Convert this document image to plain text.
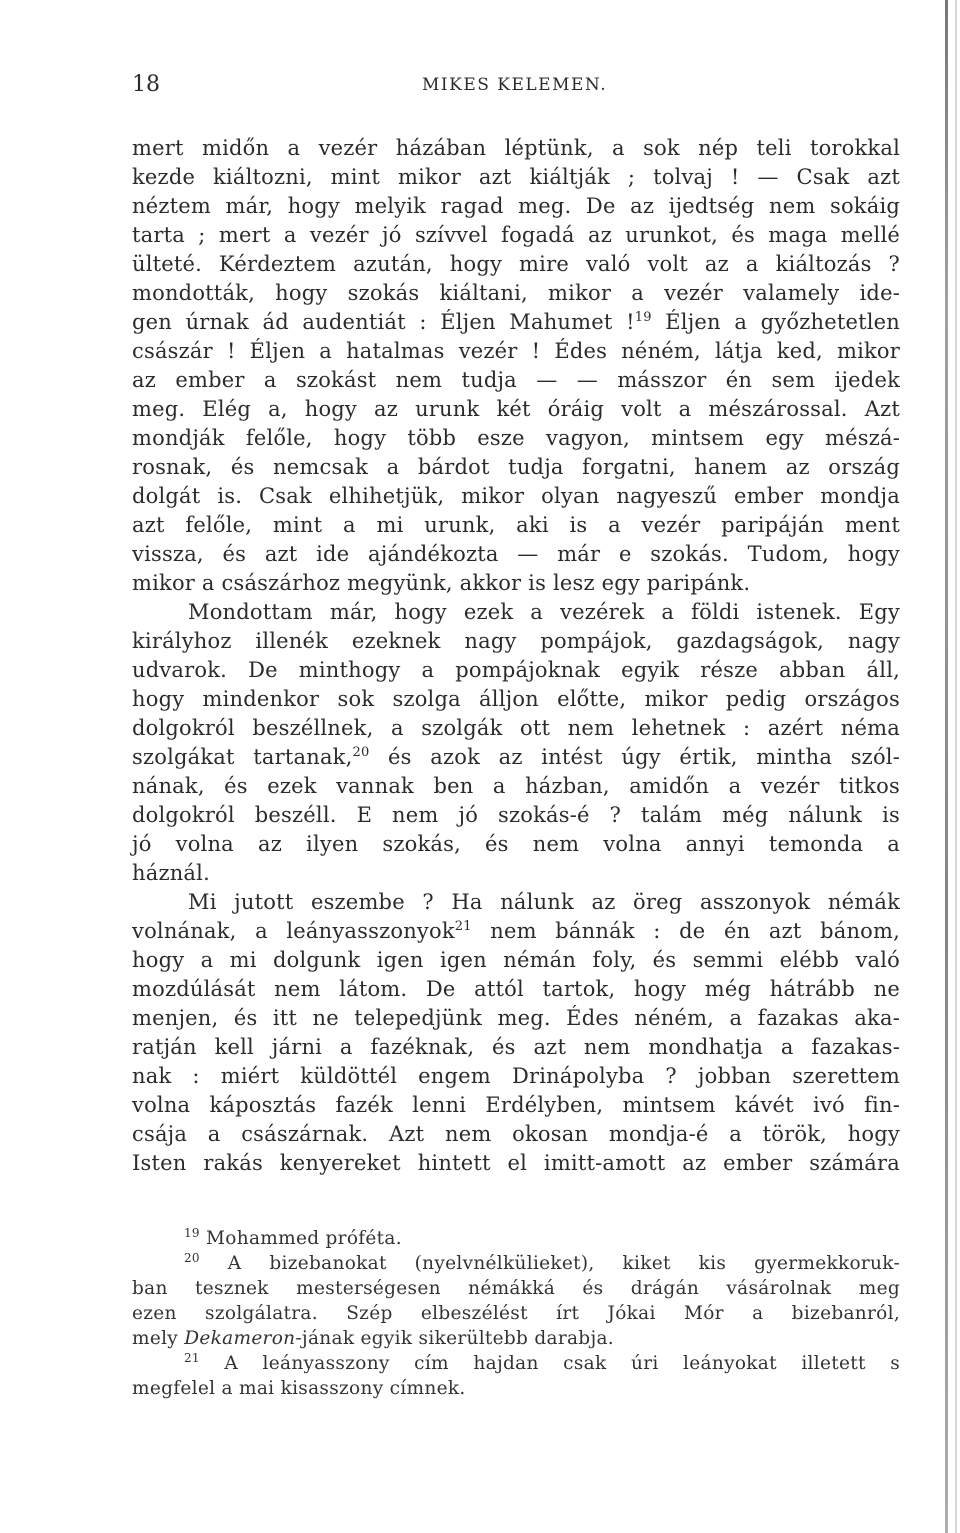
18	MIKES KELEMEN.
mert midőn a vezér házában léptünk, a sok nép teli torokkal
kezde kiáltozni, mint mikor azt kiáltják ; tolvaj ! — Csak azt
néztem már, hogy melyik ragad meg. De az ijedtség nem sokáig
tarta ; mert a vezér jó szívvel fogadá az urunkot, és maga mellé
ülteté. Kérdeztem azután, hogy mire való volt az a kiáltozás ?
mondották, hogy szokás kiáltani, mikor a vezér valamely ide-
gen úrnak ád audentiát : Éljen Mahumet !$^{19}$ Éljen a győzhetetlen
császár ! Éljen a hatalmas vezér ! Édes néném, látja ked, mikor
az ember a szokást nem tudja — — másszor én sem ijedek
meg. Elég a, hogy az urunk két óráig volt a mészárossal. Azt
mondják felőle, hogy több esze vagyon, mintsem egy mészá-
rosnak, és nemcsak a bárdot tudja forgatni, hanem az ország
dolgát is. Csak elhihetjük, mikor olyan nagyeszű ember mondja
azt felőle, mint a mi urunk, aki is a vezér paripáján ment
vissza, és azt ide ajándékozta — már e szokás. Tudom, hogy
mikor a császárhoz megyünk, akkor is lesz egy paripánk.
Mondottam már, hogy ezek a vezérek a földi istenek. Egy
királyhoz illenék ezeknek nagy pompájok, gazdagságok, nagy
udvarok. De minthogy a pompájoknak egyik része abban áll,
hogy mindenkor sok szolga álljon előtte, mikor pedig országos
dolgokról beszéllnek, a szolgák ott nem lehetnek : azért néma
szolgákat tartanak,$^{20}$ és azok az intést úgy értik, mintha szól-
nának, és ezek vannak ben a házban, amidőn a vezér titkos
dolgokról beszéll. E nem jó szokás-é ? talám még nálunk is
jó volna az ilyen szokás, és nem volna annyi temonda a
háznál.
Mi jutott eszembe ? Ha nálunk az öreg asszonyok némák
volnának, a leányasszonyok$^{21}$ nem bánnák : de én azt bánom,
hogy a mi dolgunk igen igen némán foly, és semmi elébb való
mozdúlását nem látom. De attól tartok, hogy még hátrább ne
menjen, és itt ne telepedjünk meg. Édes néném, a fazakas aka-
ratján kell járni a fazéknak, és azt nem mondhatja a fazakas-
nak : miért küldöttél engem Drinápolyba ? jobban szerettem
volna káposztás fazék lenni Erdélyben, mintsem kávét ivó fin-
csája a császárnak. Azt nem okosan mondja-é a török, hogy
Isten rakás kenyereket hintett el imitt-amott az ember számára
$^{19}$ Mohammed próféta.
$^{20}$ A bizebanokat (nyelvnélkülieket), kiket kis gyermekkoruk-
ban tesznek mesterségesen némákká és drágán vásárolnak meg
ezen szolgálatra. Szép elbeszélést írt Jókai Mór a bizebanról,
mely Dekameron-jának egyik sikerültebb darabja.
$^{21}$ A leányasszony cím hajdan csak úri leányokat illetett s
megfelel a mai kisasszony címnek.
